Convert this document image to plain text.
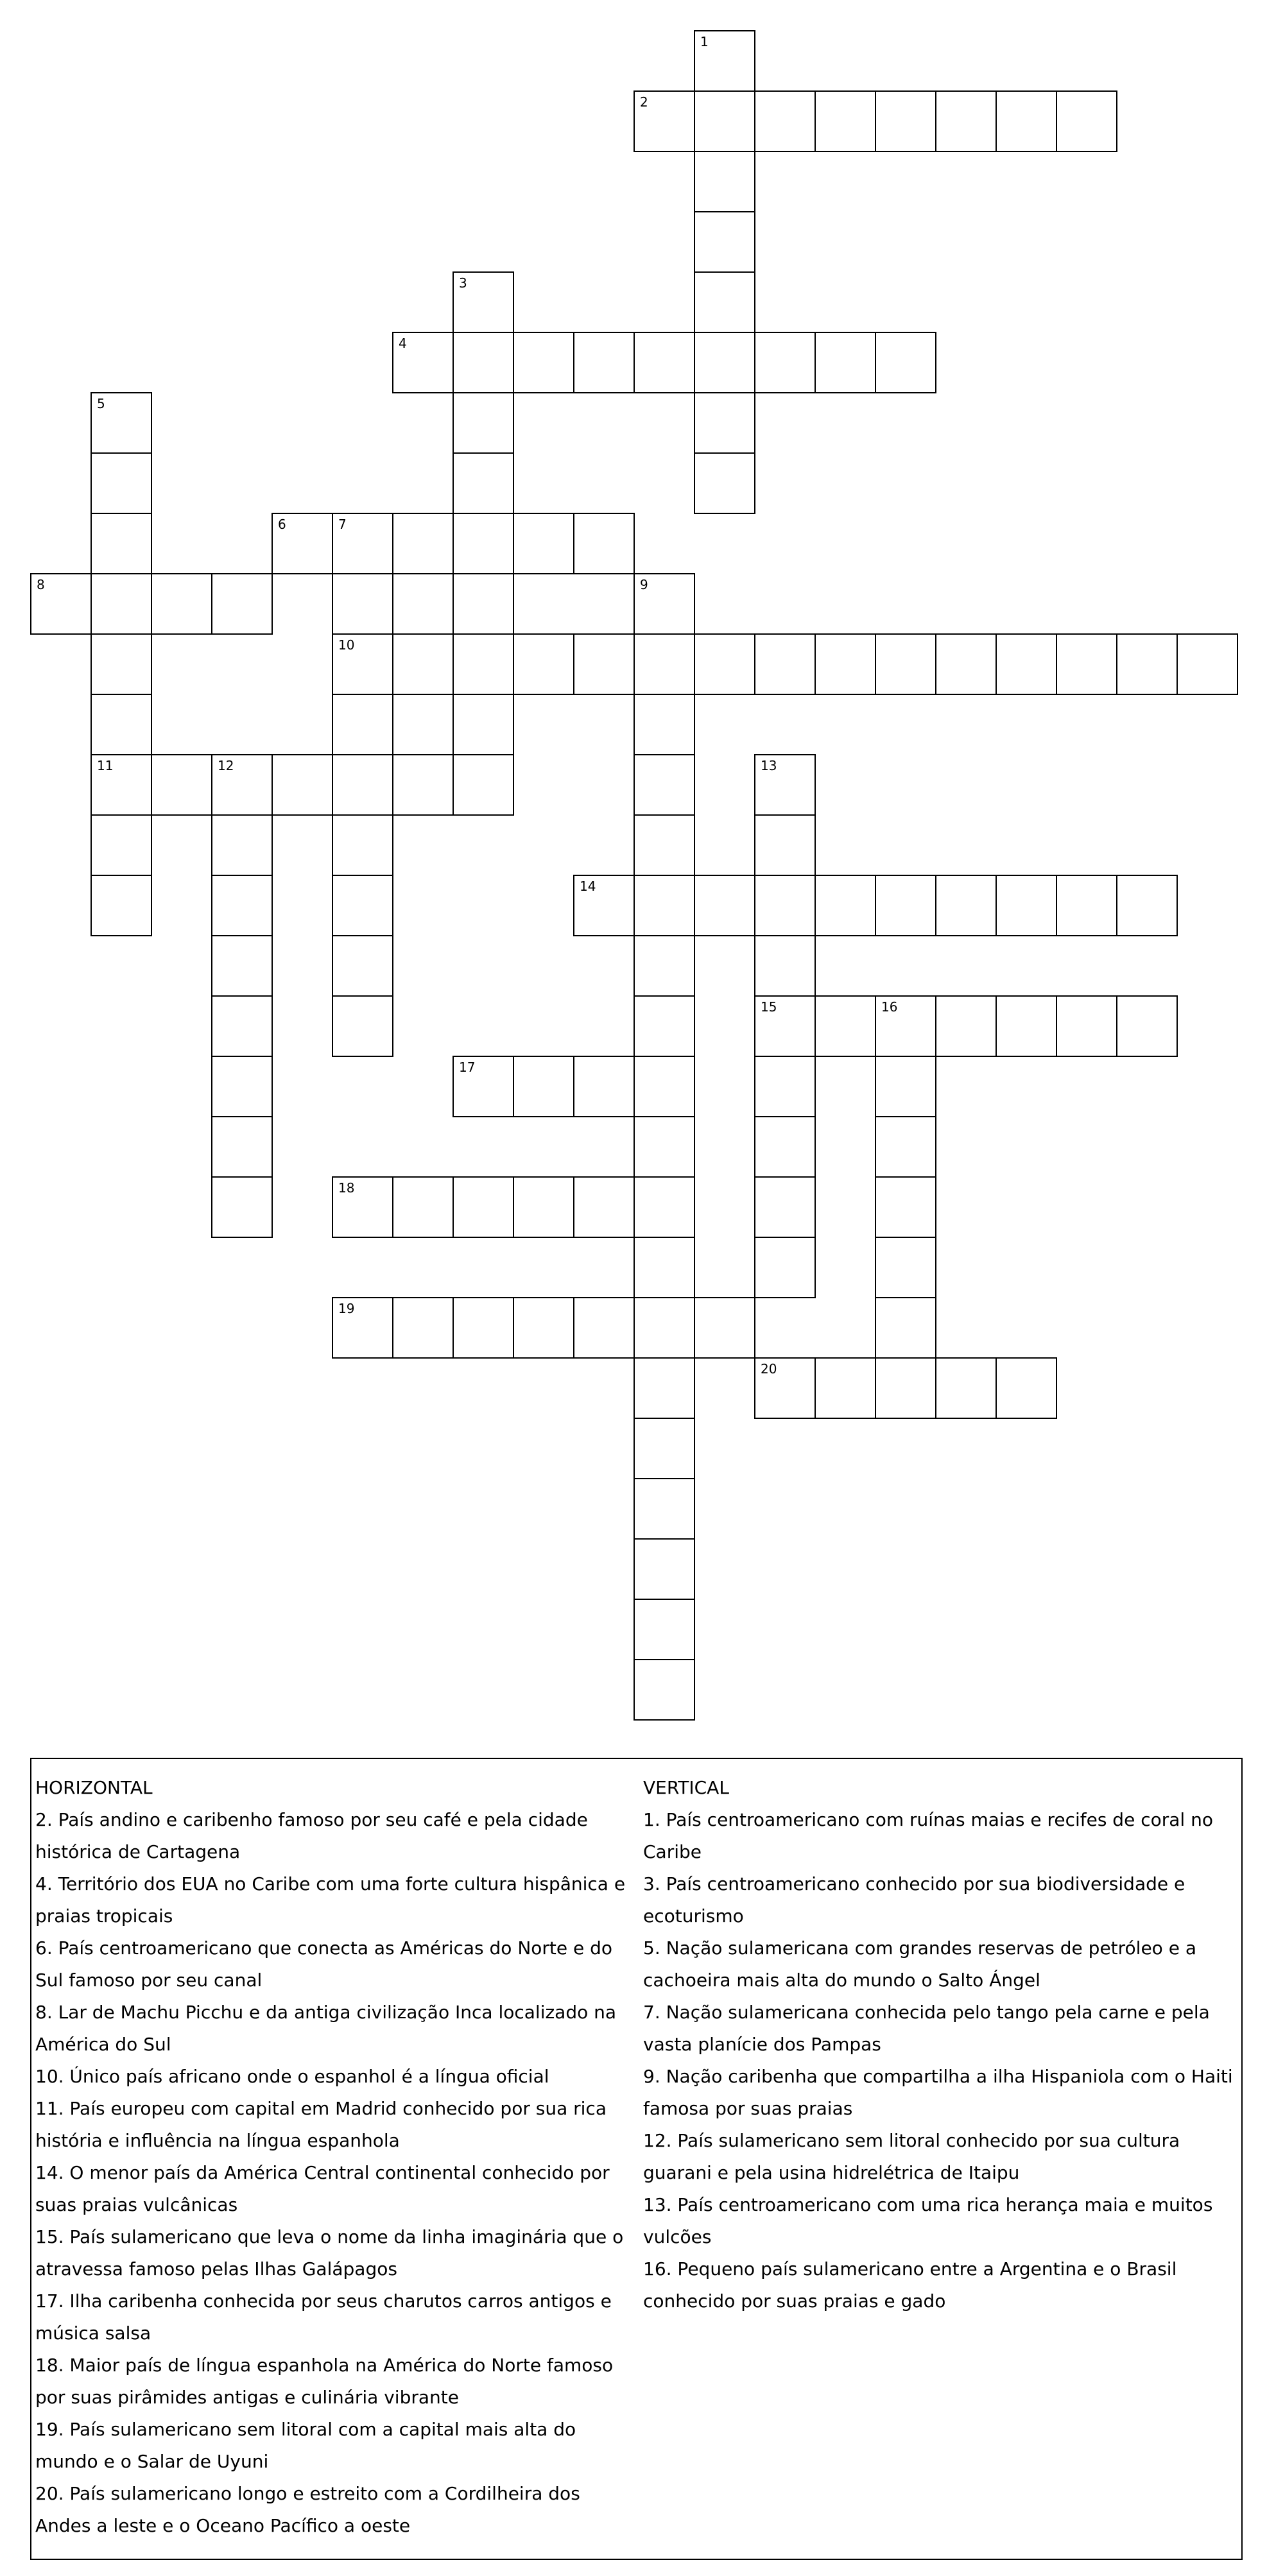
1
2
3
4
5
11
6	7
10
8	9
12	13
15
14
16
17
18
19
20
HORIZONTAL
2. País andino e caribenho famoso por seu café e pela cidade histórica de Cartagena
4. Território dos EUA no Caribe com uma forte cultura hispânica e praias tropicais
6. País centroamericano que conecta as Américas do Norte e do Sul famoso por seu canal
8. Lar de Machu Picchu e da antiga civilização Inca localizado na América do Sul
10. Único país africano onde o espanhol é a língua oficial
11. País europeu com capital em Madrid conhecido por sua rica história e influência na língua espanhola
14. O menor país da América Central continental conhecido por suas praias vulcânicas
15. País sulamericano que leva o nome da linha imaginária que o atravessa famoso pelas Ilhas Galápagos
17. Ilha caribenha conhecida por seus charutos carros antigos e música salsa
18. Maior país de língua espanhola na América do Norte famoso por suas pirâmides antigas e culinária vibrante
19. País sulamericano sem litoral com a capital mais alta do mundo e o Salar de Uyuni
20. País sulamericano longo e estreito com a Cordilheira dos Andes a leste e o Oceano Pacífico a oeste
VERTICAL
1. País centroamericano com ruínas maias e recifes de coral no Caribe
3. País centroamericano conhecido por sua biodiversidade e ecoturismo
5. Nação sulamericana com grandes reservas de petróleo e a cachoeira mais alta do mundo o Salto Ángel
7. Nação sulamericana conhecida pelo tango pela carne e pela vasta planície dos Pampas
9. Nação caribenha que compartilha a ilha Hispaniola com o Haiti famosa por suas praias
12. País sulamericano sem litoral conhecido por sua cultura guarani e pela usina hidrelétrica de Itaipu
13. País centroamericano com uma rica herança maia e muitos vulcões
16. Pequeno país sulamericano entre a Argentina e o Brasil conhecido por suas praias e gado
